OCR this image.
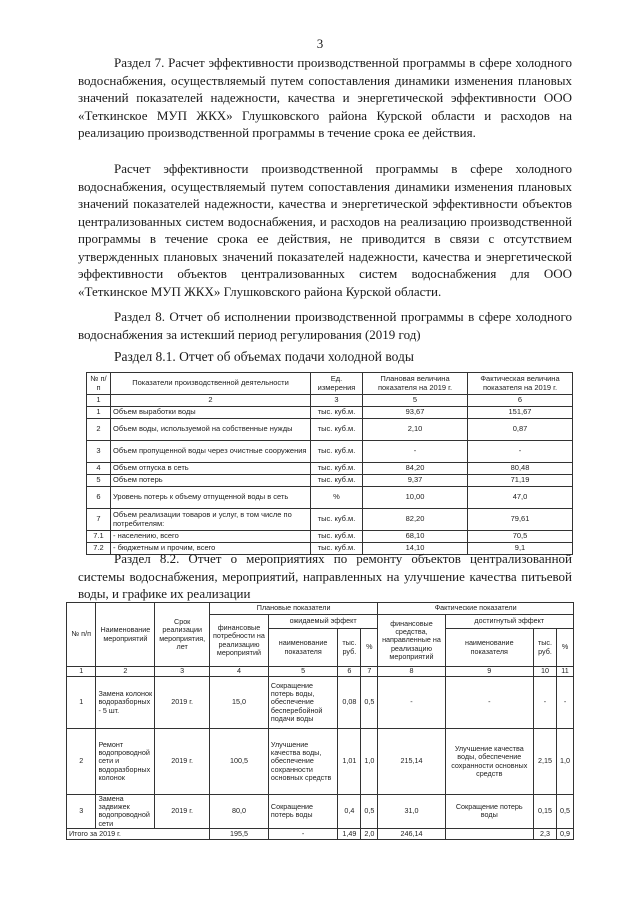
3
Раздел 7. Расчет эффективности производственной программы в сфере холодного водоснабжения, осуществляемый путем сопоставления динамики изменения плановых значений показателей надежности, качества и энергетической эффективности ООО «Теткинское МУП ЖКХ» Глушковского района Курской области и расходов на реализацию производственной программы в течение срока ее действия.
Расчет эффективности производственной программы в сфере холодного водоснабжения, осуществляемый путем сопоставления динамики изменения плановых значений показателей надежности, качества и энергетической эффективности объектов централизованных систем водоснабжения, и расходов на реализацию производственной программы в течение срока ее действия, не приводится в связи с отсутствием утвержденных плановых значений показателей надежности, качества и энергетической эффективности объектов централизованных систем водоснабжения для ООО «Теткинское МУП ЖКХ» Глушковского района Курской области.
Раздел 8. Отчет об исполнении производственной программы в сфере холодного водоснабжения за истекший период регулирования (2019 год)
Раздел 8.1. Отчет об объемах подачи холодной воды
№ п/п	Показатели производственной деятельности	Ед. измерения	Плановая величина показателя на 2019 г.	Фактическая величина показателя на 2019 г.
1	2	3	5	6
1	Объем выработки воды	тыс. куб.м.	93,67	151,67
2	Объем воды, используемой на собственные нужды	тыс. куб.м.	2,10	0,87
3	Объем пропущенной воды через очистные сооружения	тыс. куб.м.	-	-
4	Объем отпуска в сеть	тыс. куб.м.	84,20	80,48
5	Объем потерь	тыс. куб.м.	9,37	71,19
6	Уровень потерь к объему отпущенной воды в сеть	%	10,00	47,0
7	Объем реализации товаров и услуг, в том числе по потребителям:	тыс. куб.м.	82,20	79,61
7.1	- населению, всего	тыс. куб.м.	68,10	70,5
7.2	- бюджетным и прочим, всего	тыс. куб.м.	14,10	9,1
Раздел 8.2. Отчет о мероприятиях по ремонту объектов централизованной системы водоснабжения, мероприятий, направленных на улучшение качества питьевой воды, и графике их реализации
№ п/п	Наименование мероприятий	Срок реализации мероприятия, лет	Плановые показатели				Фактические показатели			
			финансовые потребности на реализацию мероприятий	ожидаемый эффект			финансовые средства, направленные на реализацию мероприятий	достигнутый эффект		
				наименование показателя	тыс. руб.	%		наименование показателя	тыс. руб.	%
1	2	3	4	5	6	7	8	9	10	11
1	Замена колонок водоразборных - 5 шт.	2019 г.	15,0	Сокращение потерь воды, обеспечение бесперебойной подачи воды	0,08	0,5	-	-	-	-
2	Ремонт водопроводной сети и водоразборных колонок	2019 г.	100,5	Улучшение качества воды, обеспечение сохранности основных средств	1,01	1,0	215,14	Улучшение качества воды, обеспечение сохранности основных средств	2,15	1,0
3	Замена задвижек водопроводной сети	2019 г.	80,0	Сокращение потерь воды	0,4	0,5	31,0	Сокращение потерь воды	0,15	0,5
Итого за 2019 г.			195,5	-	1,49	2,0	246,14		2,3	0,9
